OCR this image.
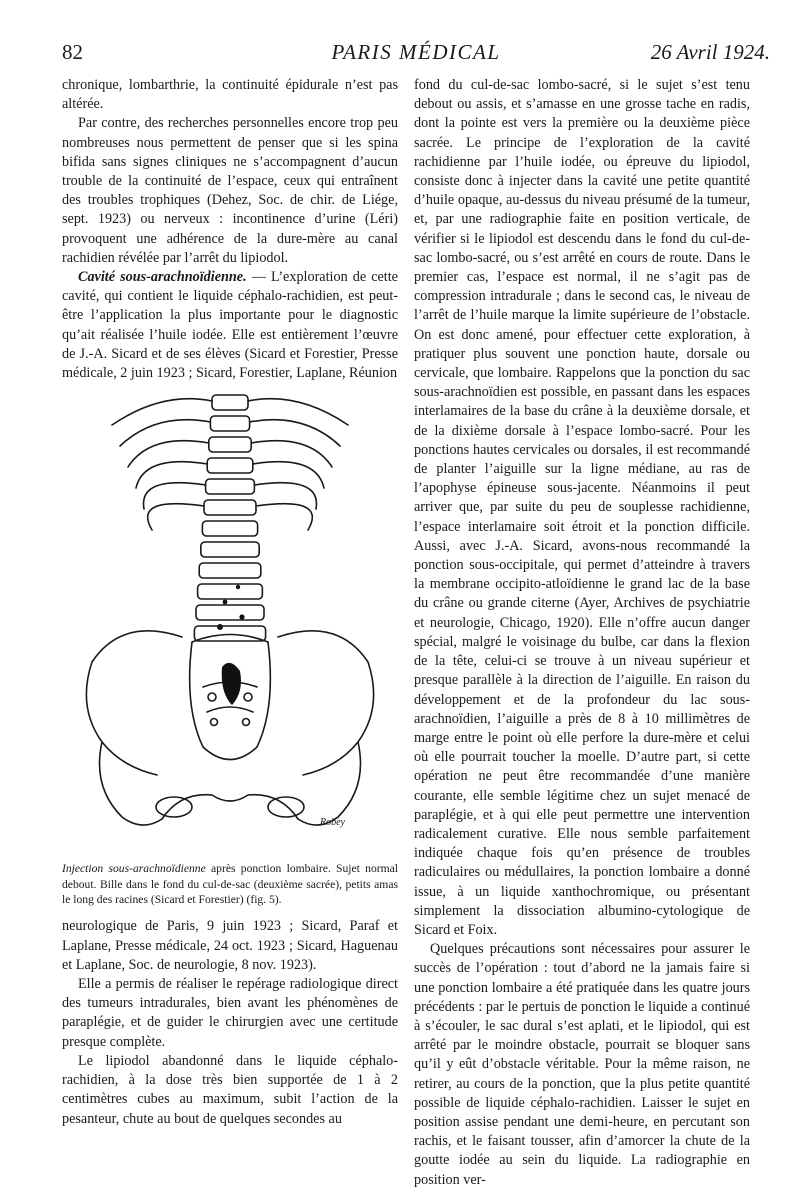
82	PARIS MÉDICAL	26 Avril 1924.

chronique, lombarthrie, la continuité épidurale n’est pas altérée.

Par contre, des recherches personnelles encore trop peu nombreuses nous permettent de penser que si les spina bifida sans signes cliniques ne s’accompagnent d’aucun trouble de la continuité de l’espace, ceux qui entraînent des troubles trophiques (Dehez, Soc. de chir. de Liége, sept. 1923) ou nerveux : incontinence d’urine (Léri) provoquent une adhérence de la dure-mère au canal rachidien révélée par l’arrêt du lipiodol.

Cavité sous-arachnoïdienne. — L’exploration de cette cavité, qui contient le liquide céphalo-rachidien, est peut-être l’application la plus importante pour le diagnostic qu’ait réalisée l’huile iodée. Elle est entièrement l’œuvre de J.-A. Sicard et de ses élèves (Sicard et Forestier, Presse médicale, 2 juin 1923 ; Sicard, Forestier, Laplane, Réunion

Robey

Injection sous-arachnoïdienne après ponction lombaire. Sujet normal debout. Bille dans le fond du cul-de-sac (deuxième sacrée), petits amas le long des racines (Sicard et Forestier) (fig. 5).

neurologique de Paris, 9 juin 1923 ; Sicard, Paraf et Laplane, Presse médicale, 24 oct. 1923 ; Sicard, Haguenau et Laplane, Soc. de neurologie, 8 nov. 1923).

Elle a permis de réaliser le repérage radiologique direct des tumeurs intradurales, bien avant les phénomènes de paraplégie, et de guider le chirurgien avec une certitude presque complète.

Le lipiodol abandonné dans le liquide céphalo-rachidien, à la dose très bien supportée de 1 à 2 centimètres cubes au maximum, subit l’action de la pesanteur, chute au bout de quelques secondes au

fond du cul-de-sac lombo-sacré, si le sujet s’est tenu debout ou assis, et s’amasse en une grosse tache en radis, dont la pointe est vers la première ou la deuxième pièce sacrée. Le principe de l’exploration de la cavité rachidienne par l’huile iodée, ou épreuve du lipiodol, consiste donc à injecter dans la cavité une petite quantité d’huile opaque, au-dessus du niveau présumé de la tumeur, et, par une radiographie faite en position verticale, de vérifier si le lipiodol est descendu dans le fond du cul-de-sac lombo-sacré, ou s’est arrêté en cours de route. Dans le premier cas, l’espace est normal, il ne s’agit pas de compression intradurale ; dans le second cas, le niveau de l’arrêt de l’huile marque la limite supérieure de l’obstacle. On est donc amené, pour effectuer cette exploration, à pratiquer plus souvent une ponction haute, dorsale ou cervicale, que lombaire. Rappelons que la ponction du sac sous-arachnoïdien est possible, en passant dans les espaces interlamaires de la base du crâne à la deuxième dorsale, et de la dixième dorsale à l’espace lombo-sacré. Pour les ponctions hautes cervicales ou dorsales, il est recommandé de planter l’aiguille sur la ligne médiane, au ras de l’apophyse épineuse sous-jacente. Néanmoins il peut arriver que, par suite du peu de souplesse rachidienne, l’espace interlamaire soit étroit et la ponction difficile. Aussi, avec J.-A. Sicard, avons-nous recommandé la ponction sous-occipitale, qui permet d’atteindre à travers la membrane occipito-atloïdienne le grand lac de la base du crâne ou grande citerne (Ayer, Archives de psychiatrie et neurologie, Chicago, 1920). Elle n’offre aucun danger spécial, malgré le voisinage du bulbe, car dans la flexion de la tête, celui-ci se trouve à un niveau supérieur et presque parallèle à la direction de l’aiguille. En raison du développement et de la profondeur du lac sous-arachnoïdien, l’aiguille a près de 8 à 10 millimètres de marge entre le point où elle perfore la dure-mère et celui où elle pourrait toucher la moelle. D’autre part, si cette opération ne peut être recommandée d’une manière courante, elle semble légitime chez un sujet menacé de paraplégie, et à qui elle peut permettre une intervention radicalement curative. Elle nous semble parfaitement indiquée chaque fois qu’en présence de troubles radiculaires ou médullaires, la ponction lombaire a donné issue, à un liquide xanthochromique, ou présentant simplement la dissociation albumino-cytologique de Sicard et Foix.

Quelques précautions sont nécessaires pour assurer le succès de l’opération : tout d’abord ne la jamais faire si une ponction lombaire a été pratiquée dans les quatre jours précédents : par le pertuis de ponction le liquide a continué à s’écouler, le sac dural s’est aplati, et le lipiodol, qui est arrêté par le moindre obstacle, pourrait se bloquer sans qu’il y eût d’obstacle véritable. Pour la même raison, ne retirer, au cours de la ponction, que la plus petite quantité possible de liquide céphalo-rachidien. Laisser le sujet en position assise pendant une demi-heure, en percutant son rachis, et le faisant tousser, afin d’amorcer la chute de la goutte iodée au sein du liquide. La radiographie en position ver-
